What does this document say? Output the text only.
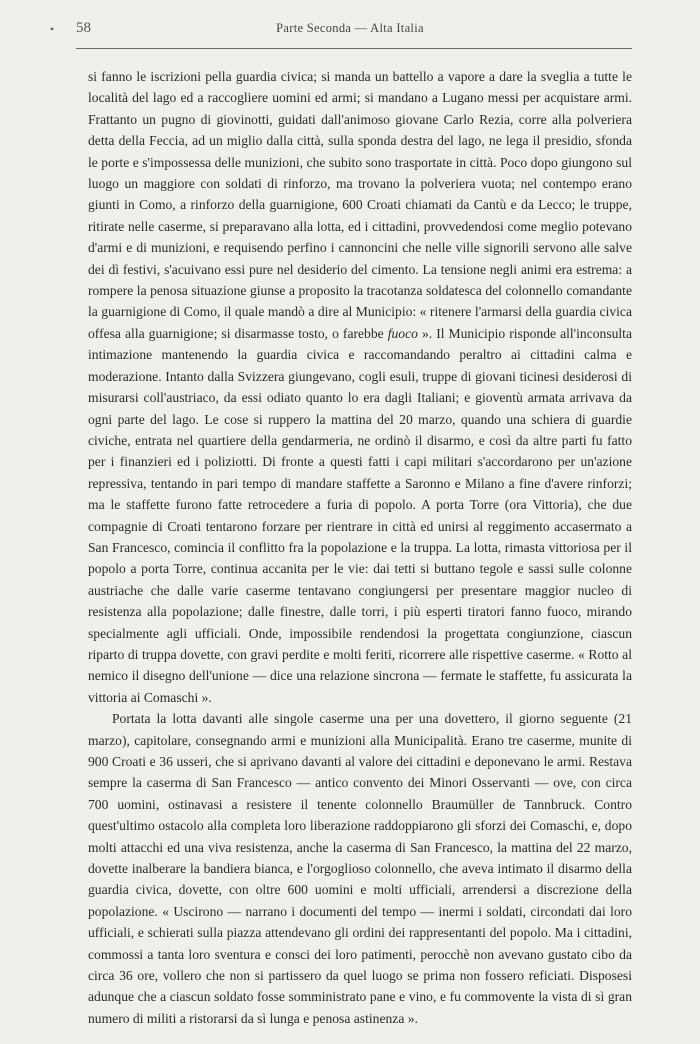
• 58	Parte Seconda — Alta Italia

si fanno le iscrizioni pella guardia civica; si manda un battello a vapore a dare la sveglia a tutte le località del lago ed a raccogliere uomini ed armi; si mandano a Lugano messi per acquistare armi. Frattanto un pugno di giovinotti, guidati dall'animoso giovane Carlo Rezia, corre alla polveriera detta della Feccia, ad un miglio dalla città, sulla sponda destra del lago, ne lega il presidio, sfonda le porte e s'impossessa delle munizioni, che subito sono trasportate in città. Poco dopo giungono sul luogo un maggiore con soldati di rinforzo, ma trovano la polveriera vuota; nel contempo erano giunti in Como, a rinforzo della guarnigione, 600 Croati chiamati da Cantù e da Lecco; le truppe, ritirate nelle caserme, si preparavano alla lotta, ed i cittadini, provvedendosi come meglio potevano d'armi e di munizioni, e requisendo perfino i cannoncini che nelle ville signorili servono alle salve dei dì festivi, s'acuivano essi pure nel desiderio del cimento. La tensione negli animi era estrema: a rompere la penosa situazione giunse a proposito la tracotanza soldatesca del colonnello comandante la guarnigione di Como, il quale mandò a dire al Municipio: « ritenere l'armarsi della guardia civica offesa alla guarnigione; si disarmasse tosto, o farebbe fuoco ». Il Municipio risponde all'inconsulta intimazione mantenendo la guardia civica e raccomandando peraltro ai cittadini calma e moderazione. Intanto dalla Svizzera giungevano, cogli esuli, truppe di giovani ticinesi desiderosi di misurarsi coll'austriaco, da essi odiato quanto lo era dagli Italiani; e gioventù armata arrivava da ogni parte del lago. Le cose si ruppero la mattina del 20 marzo, quando una schiera di guardie civiche, entrata nel quartiere della gendarmeria, ne ordinò il disarmo, e così da altre parti fu fatto per i finanzieri ed i poliziotti. Di fronte a questi fatti i capi militari s'accordarono per un'azione repressiva, tentando in pari tempo di mandare staffette a Saronno e Milano a fine d'avere rinforzi; ma le staffette furono fatte retrocedere a furia di popolo. A porta Torre (ora Vittoria), che due compagnie di Croati tentarono forzare per rientrare in città ed unirsi al reggimento accasermato a San Francesco, comincia il conflitto fra la popolazione e la truppa. La lotta, rimasta vittoriosa per il popolo a porta Torre, continua accanita per le vie: dai tetti si buttano tegole e sassi sulle colonne austriache che dalle varie caserme tentavano congiungersi per presentare maggior nucleo di resistenza alla popolazione; dalle finestre, dalle torri, i più esperti tiratori fanno fuoco, mirando specialmente agli ufficiali. Onde, impossibile rendendosi la progettata congiunzione, ciascun riparto di truppa dovette, con gravi perdite e molti feriti, ricorrere alle rispettive caserme. « Rotto al nemico il disegno dell'unione — dice una relazione sincrona — fermate le staffette, fu assicurata la vittoria ai Comaschi ».

Portata la lotta davanti alle singole caserme una per una dovettero, il giorno seguente (21 marzo), capitolare, consegnando armi e munizioni alla Municipalità. Erano tre caserme, munite di 900 Croati e 36 usseri, che si aprivano davanti al valore dei cittadini e deponevano le armi. Restava sempre la caserma di San Francesco — antico convento dei Minori Osservanti — ove, con circa 700 uomini, ostinavasi a resistere il tenente colonnello Braumüller de Tannbruck. Contro quest'ultimo ostacolo alla completa loro liberazione raddoppiarono gli sforzi dei Comaschi, e, dopo molti attacchi ed una viva resistenza, anche la caserma di San Francesco, la mattina del 22 marzo, dovette inalberare la bandiera bianca, e l'orgoglioso colonnello, che aveva intimato il disarmo della guardia civica, dovette, con oltre 600 uomini e molti ufficiali, arrendersi a discrezione della popolazione. « Uscirono — narrano i documenti del tempo — inermi i soldati, circondati dai loro ufficiali, e schierati sulla piazza attendevano gli ordini dei rappresentanti del popolo. Ma i cittadini, commossi a tanta loro sventura e consci dei loro patimenti, perocchè non avevano gustato cibo da circa 36 ore, vollero che non si partissero da quel luogo se prima non fossero reficiati. Disposesi adunque che a ciascun soldato fosse somministrato pane e vino, e fu commovente la vista di sì gran numero di militi a ristorarsi da sì lunga e penosa astinenza ».
